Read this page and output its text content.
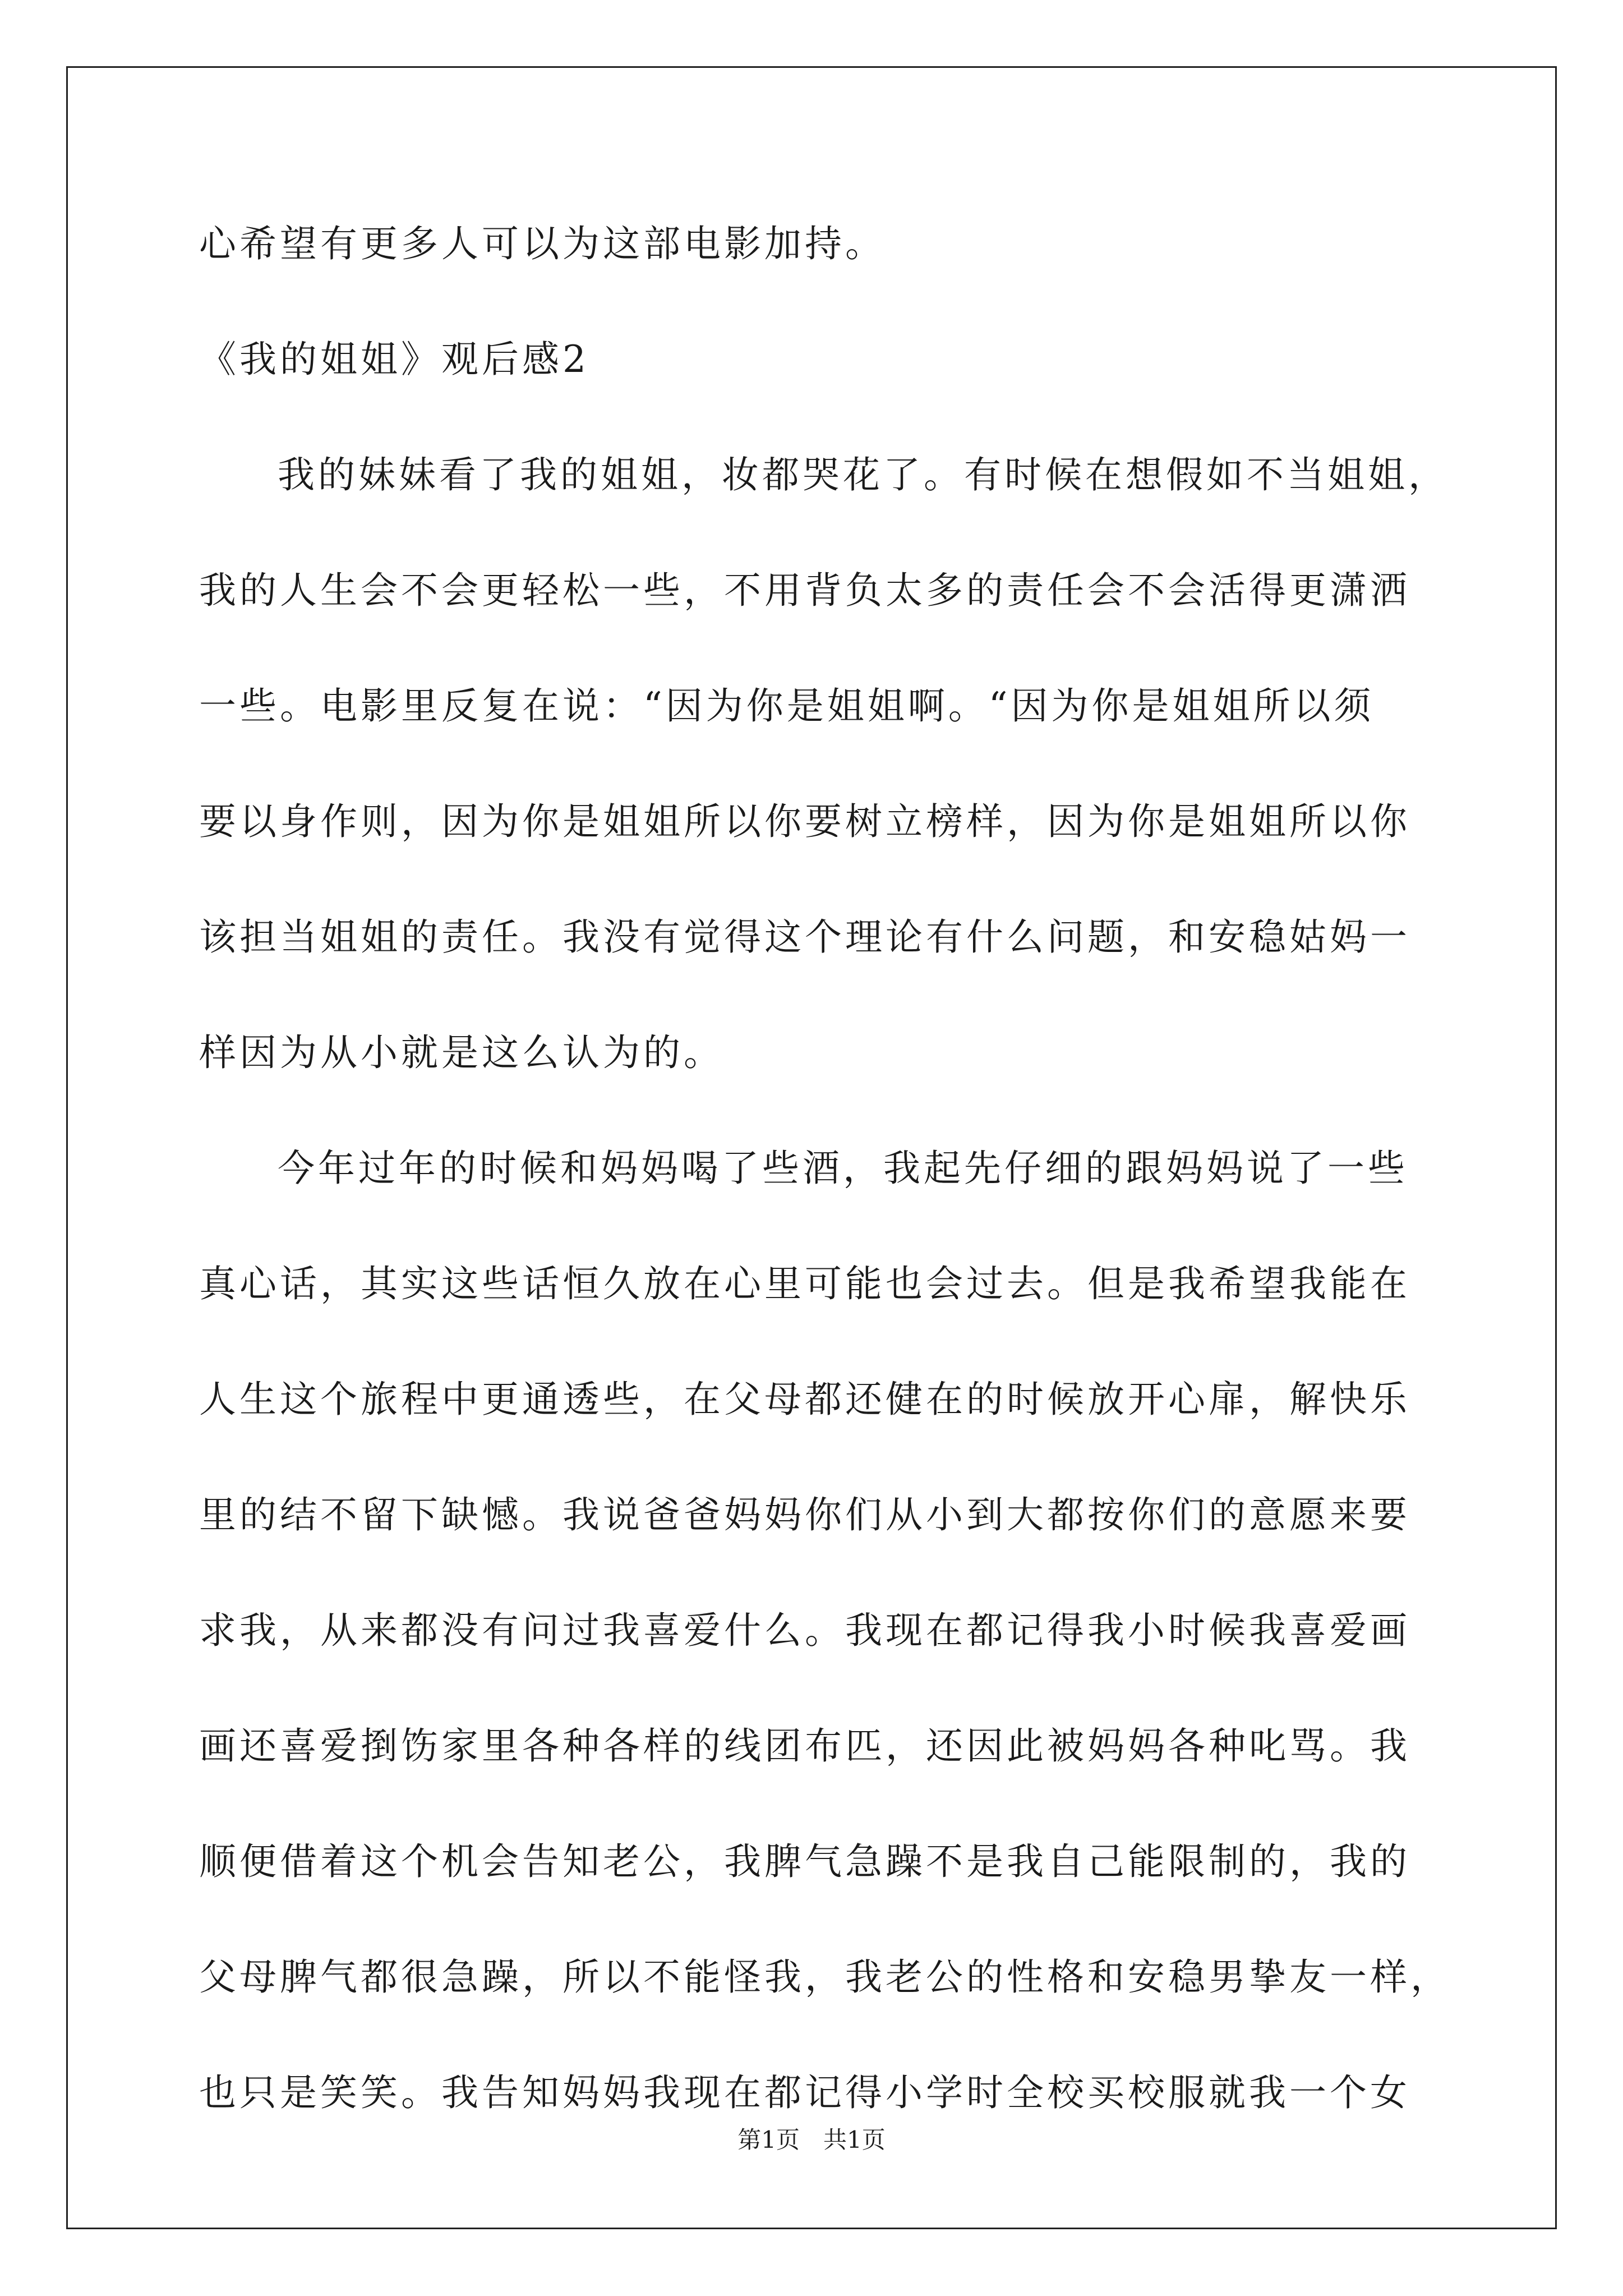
第1页　共1页
心希望有更多人可以为这部电影加持。
《我的姐姐》观后感2
我的妹妹看了我的姐姐，妆都哭花了。有时候在想假如不当姐姐，
我的人生会不会更轻松一些，不用背负太多的责任会不会活得更潇洒
一些。电影里反复在说：“因为你是姐姐啊。“因为你是姐姐所以须
要以身作则，因为你是姐姐所以你要树立榜样，因为你是姐姐所以你
该担当姐姐的责任。我没有觉得这个理论有什么问题，和安稳姑妈一
样因为从小就是这么认为的。
今年过年的时候和妈妈喝了些酒，我起先仔细的跟妈妈说了一些
真心话，其实这些话恒久放在心里可能也会过去。但是我希望我能在
人生这个旅程中更通透些，在父母都还健在的时候放开心扉，解快乐
里的结不留下缺憾。我说爸爸妈妈你们从小到大都按你们的意愿来要
求我，从来都没有问过我喜爱什么。我现在都记得我小时候我喜爱画
画还喜爱捯饬家里各种各样的线团布匹，还因此被妈妈各种叱骂。我
顺便借着这个机会告知老公，我脾气急躁不是我自己能限制的，我的
父母脾气都很急躁，所以不能怪我，我老公的性格和安稳男挚友一样，
也只是笑笑。我告知妈妈我现在都记得小学时全校买校服就我一个女
